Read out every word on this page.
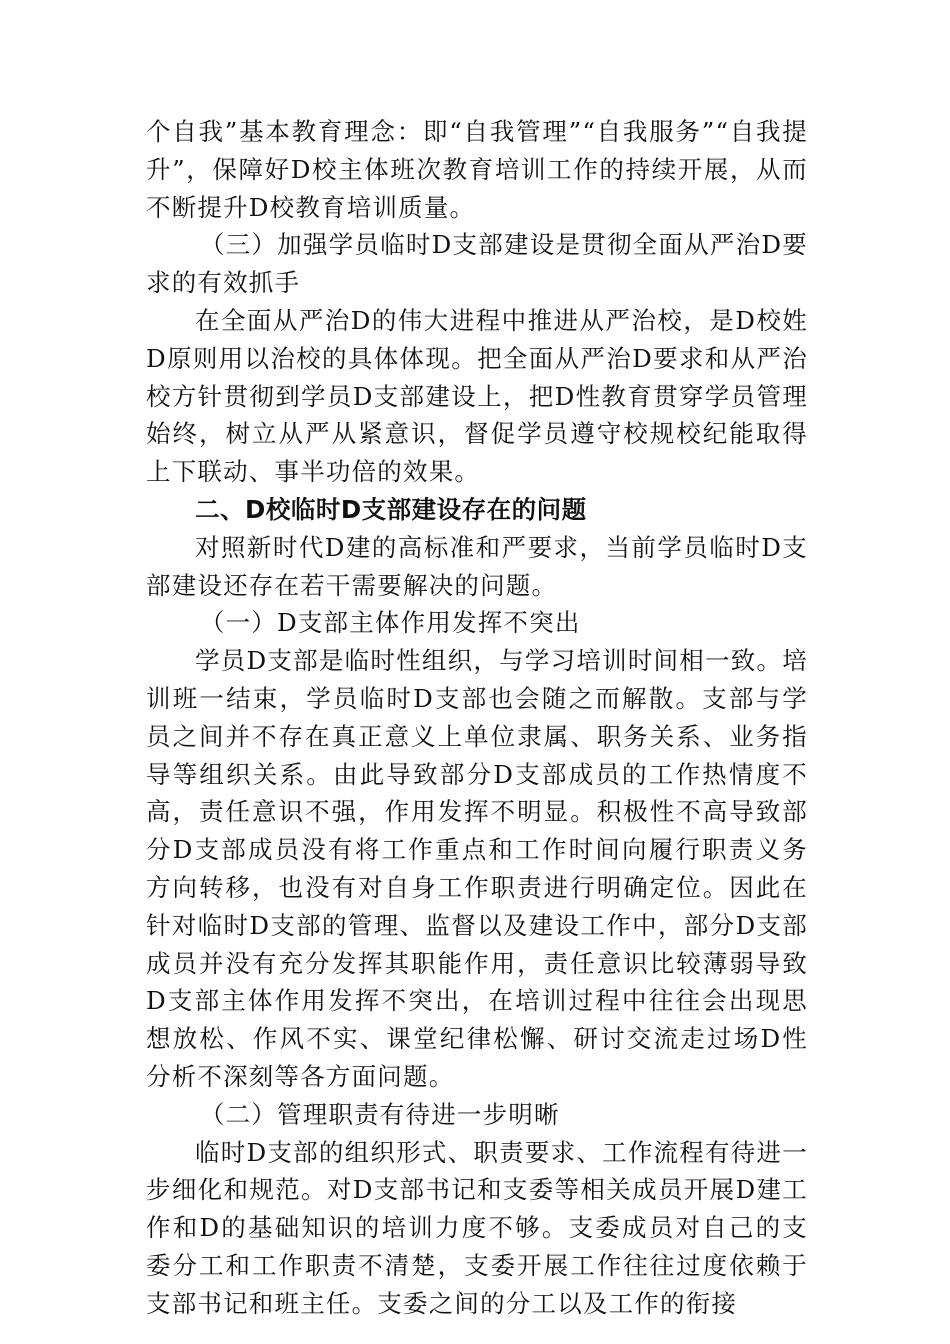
个自我”基本教育理念：即“自我管理”“自我服务”“自我提升”，保障好D校主体班次教育培训工作的持续开展，从而不断提升D校教育培训质量。

（三）加强学员临时D支部建设是贯彻全面从严治D要求的有效抓手

在全面从严治D的伟大进程中推进从严治校，是D校姓D原则用以治校的具体体现。把全面从严治D要求和从严治校方针贯彻到学员D支部建设上，把D性教育贯穿学员管理始终，树立从严从紧意识，督促学员遵守校规校纪能取得上下联动、事半功倍的效果。

二、D校临时D支部建设存在的问题

对照新时代D建的高标准和严要求，当前学员临时D支部建设还存在若干需要解决的问题。

（一）D支部主体作用发挥不突出

学员D支部是临时性组织，与学习培训时间相一致。培训班一结束，学员临时D支部也会随之而解散。支部与学员之间并不存在真正意义上单位隶属、职务关系、业务指导等组织关系。由此导致部分D支部成员的工作热情度不高，责任意识不强，作用发挥不明显。积极性不高导致部分D支部成员没有将工作重点和工作时间向履行职责义务方向转移，也没有对自身工作职责进行明确定位。因此在针对临时D支部的管理、监督以及建设工作中，部分D支部成员并没有充分发挥其职能作用，责任意识比较薄弱导致D支部主体作用发挥不突出，在培训过程中往往会出现思想放松、作风不实、课堂纪律松懈、研讨交流走过场D性分析不深刻等各方面问题。

（二）管理职责有待进一步明晰

临时D支部的组织形式、职责要求、工作流程有待进一步细化和规范。对D支部书记和支委等相关成员开展D建工作和D的基础知识的培训力度不够。支委成员对自己的支委分工和工作职责不清楚，支委开展工作往往过度依赖于支部书记和班主任。支委之间的分工以及工作的衔接
